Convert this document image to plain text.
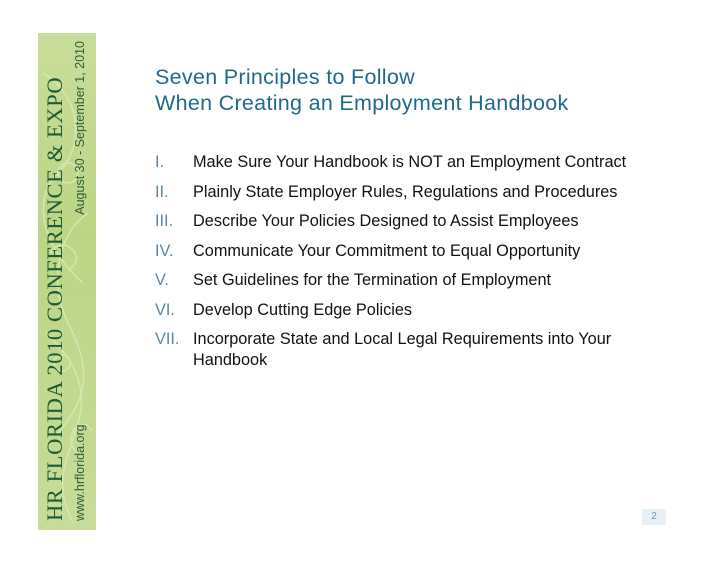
HR FLORIDA 2010 CONFERENCE & EXPO www.hrflorida.org
August 30 - September 1, 2010	Seven Principles to Follow
When Creating an Employment Handbook
I.	Make Sure Your Handbook is NOT an Employment Contract
II.	Plainly State Employer Rules, Regulations and Procedures
III.	Describe Your Policies Designed to Assist Employees
IV.	Communicate Your Commitment to Equal Opportunity
V.	Set Guidelines for the Termination of Employment
VI.	Develop Cutting Edge Policies
VII. Incorporate State and Local Legal Requirements into Your Handbook
2
